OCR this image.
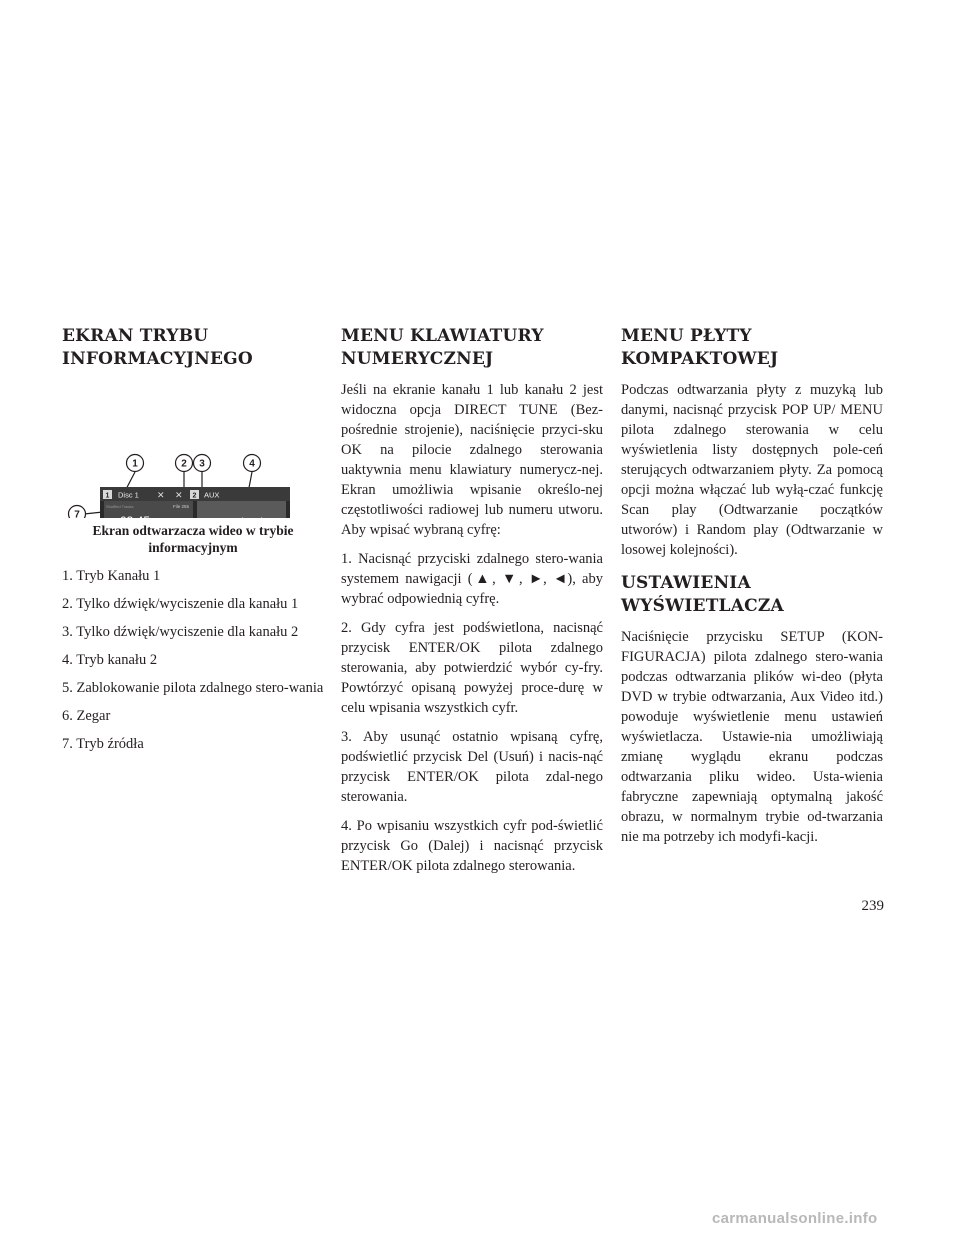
EKRAN TRYBU
INFORMACYJNEGO
1 Disc 1 ✕ ✕ 2 AUX
Shuffled Tracks	File 255
1	2 3	4
7
Ekran odtwarzacza wideo w trybie
informacyjnym

1. Tryb Kanału 1

2. Tylko dźwięk/wyciszenie dla kanału 1

3. Tylko dźwięk/wyciszenie dla kanału 2

4. Tryb kanału 2

5. Zablokowanie pilota zdalnego stero-wania

6. Zegar

7. Tryb źródła

MENU KLAWIATURY
NUMERYCZNEJ

Jeśli na ekranie kanału 1 lub kanału 2 jest widoczna opcja DIRECT TUNE (Bez-pośrednie strojenie), naciśnięcie przyci-sku OK na pilocie zdalnego sterowania uaktywnia menu klawiatury numerycz-nej. Ekran umożliwia wpisanie określo-nej częstotliwości radiowej lub numeru utworu. Aby wpisać wybraną cyfrę:

1. Nacisnąć przyciski zdalnego stero-wania systemem nawigacji (▲, ▼, ►, ◄), aby wybrać odpowiednią cyfrę.

2. Gdy cyfra jest podświetlona, nacisnąć przycisk ENTER/OK pilota zdalnego sterowania, aby potwierdzić wybór cy-fry. Powtórzyć opisaną powyżej proce-durę w celu wpisania wszystkich cyfr.

3. Aby usunąć ostatnio wpisaną cyfrę, podświetlić przycisk Del (Usuń) i nacis-nąć przycisk ENTER/OK pilota zdal-nego sterowania.

4. Po wpisaniu wszystkich cyfr pod-świetlić przycisk Go (Dalej) i nacisnąć przycisk ENTER/OK pilota zdalnego sterowania.

MENU PŁYTY
KOMPAKTOWEJ

Podczas odtwarzania płyty z muzyką lub danymi, nacisnąć przycisk POP UP/ MENU pilota zdalnego sterowania w celu wyświetlenia listy dostępnych pole-ceń sterujących odtwarzaniem płyty. Za pomocą opcji można włączać lub wyłą-czać funkcję Scan play (Odtwarzanie początków utworów) i Random play (Odtwarzanie w losowej kolejności).

USTAWIENIA
WYŚWIETLACZA

Naciśnięcie przycisku SETUP (KON-FIGURACJA) pilota zdalnego stero-wania podczas odtwarzania plików wi-deo (płyta DVD w trybie odtwarzania, Aux Video itd.) powoduje wyświetlenie menu ustawień wyświetlacza. Ustawie-nia umożliwiają zmianę wyglądu ekranu podczas odtwarzania pliku wideo. Usta-wienia fabryczne zapewniają optymalną jakość obrazu, w normalnym trybie od-twarzania nie ma potrzeby ich modyfi-kacji.

239
carmanualsonline.info
